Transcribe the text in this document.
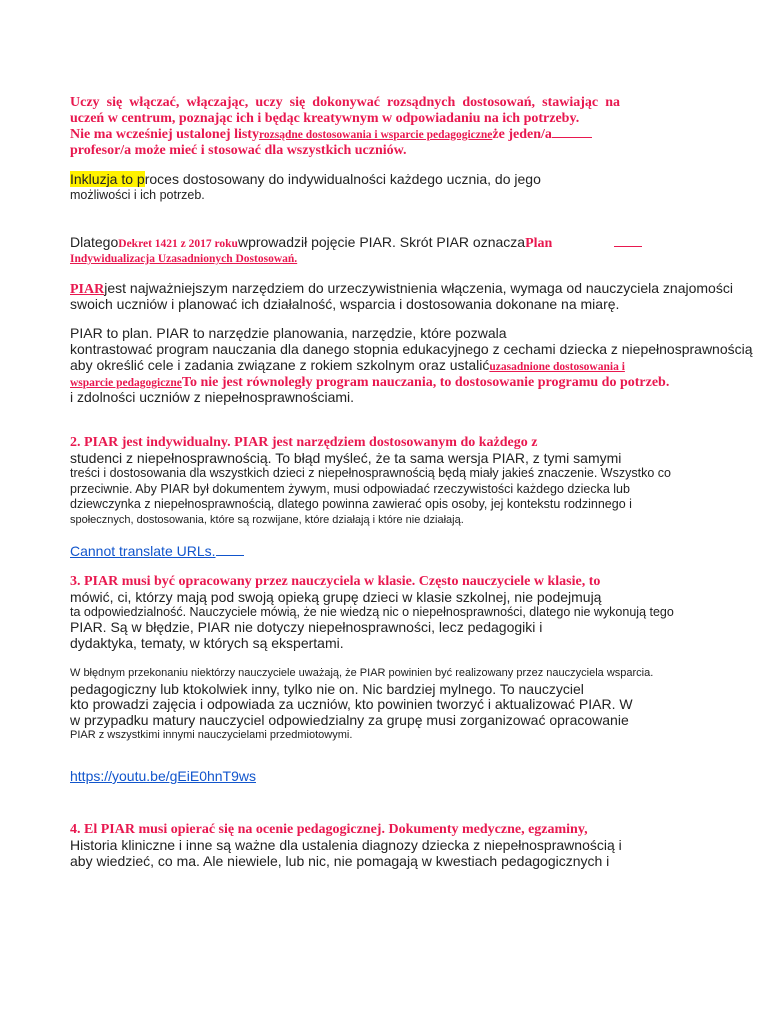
Uczy się włączać, włączając, uczy się dokonywać rozsądnych dostosowań, stawiając na
uczeń w centrum, poznając ich i będąc kreatywnym w odpowiadaniu na ich potrzeby.
Nie ma wcześniej ustalonej listyrozsądne dostosowania i wsparcie pedagogiczneże jeden/a
profesor/a może mieć i stosować dla wszystkich uczniów.
Inkluzja to proces dostosowany do indywidualności każdego ucznia, do jego
możliwości i ich potrzeb.
DlategoDekret 1421 z 2017 rokuwprowadził pojęcie PIAR. Skrót PIAR oznaczaPlan
Indywidualizacja Uzasadnionych Dostosowań.
PIARjest najważniejszym narzędziem do urzeczywistnienia włączenia, wymaga od nauczyciela znajomości
swoich uczniów i planować ich działalność, wsparcia i dostosowania dokonane na miarę.
PIAR to plan. PIAR to narzędzie planowania, narzędzie, które pozwala
kontrastować program nauczania dla danego stopnia edukacyjnego z cechami dziecka z niepełnosprawnością
aby określić cele i zadania związane z rokiem szkolnym oraz ustalićuzasadnione dostosowania i
wsparcie pedagogiczneTo nie jest równoległy program nauczania, to dostosowanie programu do potrzeb.
i zdolności uczniów z niepełnosprawnościami.
2. PIAR jest indywidualny. PIAR jest narzędziem dostosowanym do każdego z
studenci z niepełnosprawnością. To błąd myśleć, że ta sama wersja PIAR, z tymi samymi
treści i dostosowania dla wszystkich dzieci z niepełnosprawnością będą miały jakieś znaczenie. Wszystko co
przeciwnie. Aby PIAR był dokumentem żywym, musi odpowiadać rzeczywistości każdego dziecka lub
dziewczynka z niepełnosprawnością, dlatego powinna zawierać opis osoby, jej kontekstu rodzinnego i
społecznych, dostosowania, które są rozwijane, które działają i które nie działają.
Cannot translate URLs.
3. PIAR musi być opracowany przez nauczyciela w klasie. Często nauczyciele w klasie, to
mówić, ci, którzy mają pod swoją opieką grupę dzieci w klasie szkolnej, nie podejmują
ta odpowiedzialność. Nauczyciele mówią, że nie wiedzą nic o niepełnosprawności, dlatego nie wykonują tego
PIAR. Są w błędzie, PIAR nie dotyczy niepełnosprawności, lecz pedagogiki i
dydaktyka, tematy, w których są ekspertami.
W błędnym przekonaniu niektórzy nauczyciele uważają, że PIAR powinien być realizowany przez nauczyciela wsparcia.
pedagogiczny lub ktokolwiek inny, tylko nie on. Nic bardziej mylnego. To nauczyciel
kto prowadzi zajęcia i odpowiada za uczniów, kto powinien tworzyć i aktualizować PIAR. W
w przypadku matury nauczyciel odpowiedzialny za grupę musi zorganizować opracowanie
PIAR z wszystkimi innymi nauczycielami przedmiotowymi.
https://youtu.be/gEiE0hnT9ws
4. El PIAR musi opierać się na ocenie pedagogicznej. Dokumenty medyczne, egzaminy,
Historia kliniczne i inne są ważne dla ustalenia diagnozy dziecka z niepełnosprawnością i
aby wiedzieć, co ma. Ale niewiele, lub nic, nie pomagają w kwestiach pedagogicznych i
